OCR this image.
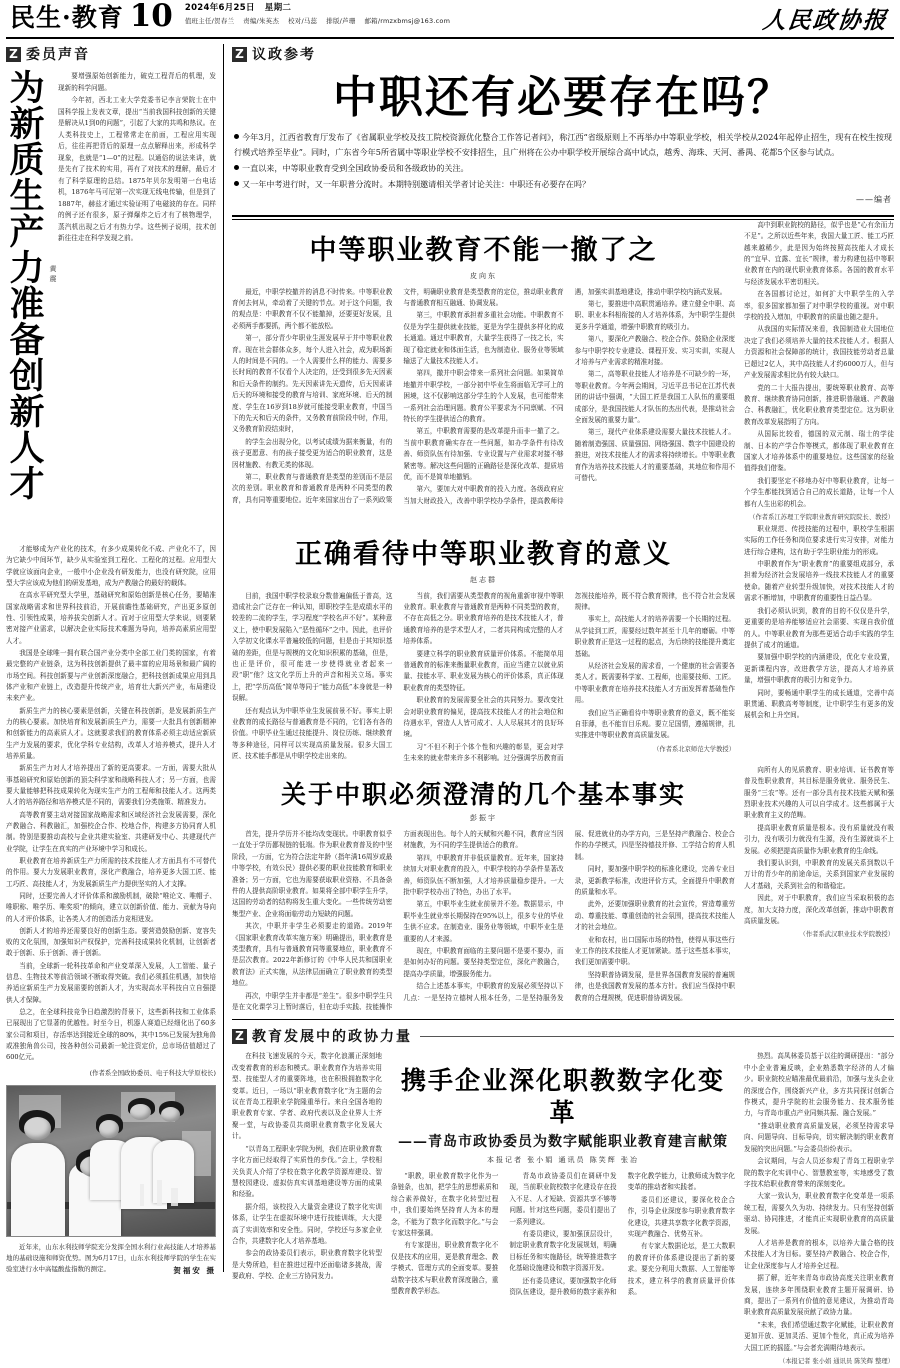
民生·教育 10 2024年6月25日 星期二
值班主任/贺春兰 责编/朱英杰 校对/马蕊 排版/芦珊 邮箱/rmzxbmsj@163.com	人民政协报
Z 委员声音
为新质生产力准备创新人才 黄震

要增强原始创新能力，破克工程背后的机理，发现新的科学问题。

今年初，西北工业大学党委书记李言荣院士在中国科学报上发表文章，提出“当前我国科技创新的关键是解决从1到0的问题”，引起了大家的共鸣和热议。在人类科技史上，工程常常走在前面，工程应用实现后，往往再把背后的原理一点点解释出来，形成科学现象，也就是“1—0”的过程。以通俗的说法来讲，就是先有了技术的实用，再有了对技术的理解，最后才有了科学原理的总结。1875年贝尔发明第一台电话机，1876年马可尼第一次实现无线电传输，但是到了1887年，赫兹才通过实验证明了电磁波的存在。同样的例子还有很多，原子弹爆炸之后才有了核物理学，蒸汽机出现之后才有热力学。这些例子说明，技术创新往往走在科学发现之前。

才能够成为产业化的技术，有多少成果转化不成、产业化不了，因为它缺少中间环节，缺少从实验室到工程化、工程化的过程。应用型大学就应该面向企业，一般中小企业没有研发能力，也没有研究院，应用型大学应该成为他们的研发基地，成为产教融合的最好的载体。

在高水平研究型大学里，基础研究和原始创新是核心任务，要瞄准国家战略需求和世界科技前沿，开展前瞻性基础研究，产出更多原创性、引领性成果，培养拔尖创新人才。而对于应用型大学来说，则要紧密对接产业需求，以解决企业实际技术难题为导向，培养高素质应用型人才。

我国是全球唯一拥有联合国产业分类中全部工业门类的国家，有着最完整的产业链条，这为科技创新提供了最丰富的应用场景和最广阔的市场空间。科技创新要与产业创新深度融合，把科技创新成果应用到具体产业和产业链上，改造提升传统产业，培育壮大新兴产业，布局建设未来产业。

新质生产力的核心要素是创新，关键在科技创新，是发展新质生产力的核心要素。加快培育和发展新质生产力，需要一大批具有创新精神和创新能力的高素质人才。这就要求我们的教育体系必须主动适应新质生产力发展的要求，优化学科专业结构，改革人才培养模式，提升人才培养质量。

新质生产力对人才培养提出了新的更高要求。一方面，需要大批从事基础研究和原始创新的顶尖科学家和战略科技人才；另一方面，也需要大量能够把科技成果转化为现实生产力的工程师和技能人才。这两类人才的培养路径和培养模式是不同的，需要我们分类施策、精准发力。

高等教育要主动对接国家战略需求和区域经济社会发展需要，深化产教融合、科教融汇，加强校企合作、校地合作，构建多方协同育人机制。特别是要推动高校与企业共建实验室、共建研发中心、共建现代产业学院，让学生在真实的产业环境中学习和成长。

职业教育在培养新质生产力所需的技术技能人才方面具有不可替代的作用。要大力发展职业教育，深化产教融合，培养更多大国工匠、能工巧匠、高技能人才，为发展新质生产力提供坚实的人才支撑。

同时，还要完善人才评价体系和激励机制，破除“唯论文、唯帽子、唯职称、唯学历、唯奖项”的倾向，建立以创新价值、能力、贡献为导向的人才评价体系，让各类人才的创造活力竞相迸发。

创新人才的培养还需要良好的创新生态。要营造鼓励创新、宽容失败的文化氛围，加强知识产权保护，完善科技成果转化机制，让创新者敢于创新、乐于创新、善于创新。

当前，全球新一轮科技革命和产业变革深入发展，人工智能、量子信息、生物技术等前沿领域不断取得突破。我们必须抓住机遇，加快培养适应新质生产力发展需要的创新人才，为实现高水平科技自立自强提供人才保障。

总之，在全球科技竞争日趋激烈的背景下，这些新科技和工业体系已展现出了它显著的优越性。时至今日，机器人赛道已经细化出了60多家公司和项目，存活率达到接近全球的80%，其中15%已发展为独角兽或准独角兽公司，按各种创公司最新一轮注资定价，总市场估值超过了600亿元。

(作者系全国政协委员、电子科技大学原校长)
近年来，山东水利技师学院充分发挥全国水利行业高技能人才培养基地的基础设施和师资优势。图为6月17日，山东水利技师学院的学生在实验室进行水中高锰酸盐指数的测定。	贺福安 摄
Z 议政参考
中职还有必要存在吗？

今年3月，江西省教育厅发布了《省属职业学校及技工院校资源优化整合工作答记者问》，称江西“省级原则上不再举办中等职业学校，相关学校从2024年起停止招生，现有在校生按现行模式培养至毕业”。同时，广东省今年5所省属中等职业学校不安排招生，且广州将在公办中职学校开展综合高中试点，越秀、海珠、天河、番禺、花都5个区参与试点。

一直以来，中等职业教育受到全国政协委员和各级政协的关注。

又一年中考进行时，又一年职普分流时。本期特别邀请相关学者讨论关注：中职还有必要存在吗？

——编者
中等职业教育不能一撤了之
皮向东

最近，中职学校撤并的消息不时传来。中等职业教育何去何从，牵动着了关键的节点。对于这个问题，我的观点是：中职教育不仅不能撤掉，还要更好发展，且必须两手都要抓，两个都不能放松。

第一，部分青少年职业生涯发展早于并中等职业教育。现在社会群体众多，每个人进入社会，成为职场新人的时间是不同的。一个人需要什么样的能力、需要多长时间的教育不仅看个人决定的，还受到很多先天因素和后天条件的制约。先天因素讲先天遗传，后天因素讲后天的环境和接受的教育与培训、家庭环境、后天的制度、学生在16岁到18岁就可能接受职业教育，中国当下的先天和后天的条件，又务教育前阶段中时，作用，义务教育阶段结束时，

的学生会出现分化，以考试成绩为据来衡量，有的孩子更愿意、有的孩子接受更为适合的职业教育，这是因材施教、有教无类的体现。

第二，职业教育与普通教育是类型的差别而不是层次的差别。职业教育和普通教育是两种不同类型的教育，具有同等重要地位。近年来国家出台了一系列政策文件，明确职业教育是类型教育的定位，推动职业教育与普通教育相互融通、协调发展。

第三，中职教育承担着多重社会功能。中职教育不仅是为学生提供就业技能，更是为学生提供多样化的成长通道。通过中职教育，大量学生获得了一技之长，实现了稳定就业和体面生活，也为制造业、服务业等领域输送了大量技术技能人才。

第四，撤并中职会带来一系列社会问题。如果简单地撤并中职学校，一部分初中毕业生将面临无学可上的困境，这不仅影响这部分学生的个人发展，也可能带来一系列社会治理问题。教育公平要求为不同禀赋、不同特长的学生提供适合的教育。

第五，中职教育需要的是改革提升而非一撤了之。当前中职教育确实存在一些问题，如办学条件有待改善、师资队伍有待加强、专业设置与产业需求对接不够紧密等。解决这些问题的正确路径是深化改革、提质培优，而不是简单地撤销。

第六，要加大对中职教育的投入力度。各级政府应当加大财政投入，改善中职学校办学条件，提高教师待遇，加强实训基地建设，推动中职学校内涵式发展。

第七，要推进中高职贯通培养。建立健全中职、高职、职业本科相衔接的人才培养体系，为中职学生提供更多升学通道，增强中职教育的吸引力。

第八，要深化产教融合、校企合作。鼓励企业深度参与中职学校专业建设、课程开发、实习实训，实现人才培养与产业需求的精准对接。

第二，高等职业技能人才培养是不可缺少的一环，等职业教育。今年两会期间，习近平总书记在江苏代表团的讲话中强调，“大国工匠是我国工人队伍的重要组成部分，是我国技能人才队伍的杰出代表，是推动社会全面发展的重要力量”。

第三，现代产业体系建设需要大量技术技能人才。随着制造强国、质量强国、网络强国、数字中国建设的推进，对技术技能人才的需求将持续增长。中等职业教育作为培养技术技能人才的重要基础，其地位和作用不可替代。

高中到职业院校的路径，似乎也是“心有余而力不足”。之所以近些年来，我国大量工匠、能工巧匠越来越稀少，此是因为始终按照高技能人才成长的“宜早、宜露、宜长”规律，着力构建包括中等职业教育在内的现代职业教育体系。各国的教育水平与经济发展水平密切相关。

在各国都讨论过，如何扩大中职学生的入学率，很多国家都加强了对中职学校的重视。对中职学校的投入增加，中职教育的质量也随之提升。

从我国的实际情况来看，我国制造业大国地位决定了我们必须培养大量的技术技能人才。根据人力资源和社会保障部的统计，我国技能劳动者总量已超过2亿人，其中高技能人才约6000万人，但与产业发展需求相比仍有较大缺口。

党的二十大报告提出，要统筹职业教育、高等教育、继续教育协同创新，推进职普融通、产教融合、科教融汇，优化职业教育类型定位。这为职业教育改革发展指明了方向。

从国际比较看，德国的双元制、瑞士的学徒制、日本的产学合作等模式，都体现了职业教育在国家人才培养体系中的重要地位。这些国家的经验值得我们借鉴。

我们要坚定不移地办好中等职业教育，让每一个学生都能找到适合自己的成长道路，让每一个人都有人生出彩的机会。

（作者系江苏理工学院职业教育研究院院长、教授）
正确看待中等职业教育的意义
赵志群

目前，我国中职学校录取分数普遍偏低于普高，这造成社会广泛存在一种认知，即职校学生是成绩水平的较差的二流的学生，学习程度“学校名声不好”。某种意义上，使中职发展陷入“恶性循环”之中。因此，也评价入学初文化课水平普遍较低的问题，但是由于其知识基础的差距，但是与规模的文化知识积累的基础，但是，也正是评价，很可能进一步使得就业者起来一段“职”他？这文化学历上升的声音和相关立场。事实上，把“学历高低”简单等同于“能力高低”本身就是一种误解。

还有观点认为中职毕业生发展前景不好。事实上职业教育的成长路径与普通教育是不同的，它们各有各的价值。中职毕业生通过技能提升、岗位历练、继续教育等多种途径，同样可以实现高质量发展。很多大国工匠、技术能手都是从中职学校走出来的。

当前，我们需要从类型教育的视角重新审视中等职业教育。职业教育与普通教育是两种不同类型的教育，不存在高低之分。职业教育培养的是技术技能人才，普通教育培养的是学术型人才，二者共同构成完整的人才培养体系。

要建立科学的职业教育质量评价体系。不能简单用普通教育的标准来衡量职业教育，而应当建立以就业质量、技能水平、职业发展为核心的评价体系，真正体现职业教育的类型特征。

职业教育的发展需要全社会的共同努力。要改变社会对职业教育的偏见，提高技术技能人才的社会地位和待遇水平，营造人人皆可成才、人人尽展其才的良好环境。

习“不但不利于个体个性和兴趣的彰显，更会对学生未来的就业带来许多不利影响。过分强调学历教育而忽视技能培养，既不符合教育规律，也不符合社会发展规律。

事实上，高技能人才的培养需要一个长期的过程。从学徒到工匠，需要经过数年甚至十几年的磨砺。中等职业教育正是这一过程的起点，为后续的技能提升奠定基础。

从经济社会发展的需求看，一个健康的社会需要各类人才。既需要科学家、工程师，也需要技师、工匠。中等职业教育在培养技术技能人才方面发挥着基础性作用。

我们应当正确看待中等职业教育的意义，既不能妄自菲薄，也不能盲目乐观。要立足国情，遵循规律，扎实推进中等职业教育高质量发展。

（作者系北京师范大学教授）

职业规范、传授技能的过程中，职校学生根据实际的工作任务和岗位要求进行实习安排，对能力进行综合建构，这有助于学生职业能力的形成。

中职教育作为“职业教育”的重要组成部分，承担着为经济社会发展培养一线技术技能人才的重要使命。随着产业转型升级加快，对技术技能人才的需求不断增加，中职教育的重要性日益凸显。

我们必须认识到，教育的目的不仅仅是升学，更重要的是培养能够适应社会需要、实现自我价值的人。中等职业教育为那些更适合动手实践的学生提供了成才的通道。

要加强中职学校的内涵建设，优化专业设置，更新课程内容，改进教学方法，提高人才培养质量，增强中职教育的吸引力和竞争力。

同时，要畅通中职学生的成长通道，完善中高职贯通、职教高考等制度，让中职学生有更多的发展机会和上升空间。

关于中职必须澄清的几个基本事实
彭振宇

首先，提升学历并不能均改变现状。中职教育似乎一直处于学历鄙视链的低端。作为职业教育普及的中坚阶段，一方面，它为符合法定年龄（指年满16周岁或最中等学校，有效公民）提供必要的职业技能教育和职业准备；另一方面，它也为需要获取职业资格、不具备条件的人提供高阶职业教育。如果将全部中职学生升学，这国的劳动者的结构将发生重大变化。一些传统劳动密集型产业、企业将面临劳动力短缺的问题。

其次，中职并非学生必须要走的道路。2019年《国家职业教育改革实施方案》明确提出，职业教育是类型教育，具有与普通教育同等重要地位，职业教育不是层次教育。2022年新修订的《中华人民共和国职业教育法》正式实施，从法律层面确立了职业教育的类型地位。

再次，中职学生并非都是“差生”。很多中职学生只是在文化课学习上暂时落后，但在动手实践、技能操作方面表现出色。每个人的天赋和兴趣不同，教育应当因材施教，为不同的学生提供适合的教育。

第四，中职教育并非低质量教育。近年来，国家持续加大对职业教育的投入，中职学校的办学条件显著改善，师资队伍不断加强，人才培养质量稳步提升。一大批中职学校办出了特色，办出了水平。

第五，中职毕业生就业前景并不差。数据显示，中职毕业生就业率长期保持在95%以上，很多专业的毕业生供不应求。在制造业、服务业等领域，中职毕业生是重要的人才来源。

现在，中职教育面临的主要问题不是要不要办，而是如何办好的问题。要坚持类型定位，深化产教融合，提高办学质量，增强服务能力。

结合上述基本事实，中职教育的发展必须坚持以下几点：一是坚持立德树人根本任务，二是坚持服务发展、促进就业的办学方向，三是坚持产教融合、校企合作的办学模式，四是坚持德技并修、工学结合的育人机制。

同时，要加强中职学校的标准化建设，完善专业目录，更新教学标准，改进评价方式，全面提升中职教育的质量和水平。

此外，还要加强职业教育的社会宣传，营造尊重劳动、尊重技能、尊重创造的社会氛围，提高技术技能人才的社会地位。

业和农村，出口国际市场的特性，使得从事这些行业工作的技术技能人才更加紧缺。基于这些基本事实，我们更加需要中职。

坚持职普协调发展，是世界各国教育发展的普遍规律，也是我国教育发展的基本方针。我们应当保持中职教育的合理规模，促进职普协调发展。

向所有人的见质教育、职业培训、证书教育等普及性职业教育，其目标是服务就业、服务民生、服务“三农”等。还有一部分具有技术技能天赋和强烈职业技术兴趣的人可以自学成才。这些都属于大职业教育主义的范畴。

提高职业教育质量是根本。没有质量就没有吸引力，没有吸引力就没有生源，没有生源就谈不上发展。必须把提高质量作为职业教育的生命线。

我们要认识到，中职教育的发展关系到数以千万计的青少年的前途命运，关系到国家产业发展的人才基础，关系到社会的和谐稳定。

因此，对于中职教育，我们应当采取积极的态度，加大支持力度，深化改革创新，推动中职教育高质量发展。

（作者系武汉职业技术学院教授）
Z 教育发展中的政协力量

在科技飞速发展的今天，数字化浪潮正深刻地改变着教育的形态和模式。职业教育作为培养实用型、技能型人才的重要阵地，也在积极拥抱数字化变革。近日，一场以“职业教育数字化”为主题的会议在青岛工程职业学院隆重举行。来自全国各地的职业教育专家、学者、政府代表以及企业界人士齐聚一堂，与政协委员共商职业教育数字化发展大计。

“以青岛工程职业学院为例，我们在职业教育数字化方面已经取得了实质性的步伐。”会上，学校相关负责人介绍了学校在数字化教学资源库建设、智慧校园建设、虚拟仿真实训基地建设等方面的成果和经验。

据介绍，该校投入大量资金建设了数字化实训体系，让学生在虚拟环境中进行技能训练，大大提高了实训效率和安全性。同时，学校还与多家企业合作，共建数字化人才培养基地。

参会的政协委员们表示，职业教育数字化转型是大势所趋，但在推进过程中还面临诸多挑战，需要政府、学校、企业三方协同发力。

携手企业深化职教数字化变革
——青岛市政协委员为数字赋能职业教育建言献策
本报记者 张小娟 通讯员 陈笑辉 张冶

“职教，职业教育数字化作为一条链条，也加，把学生的思想素质和综合素养做好，在数字化转型过程中，我们要始终坚持育人为本的理念，不能为了数字化而数字化。”与会专家这样强调。

有专家提出，职业教育数字化不仅是技术的应用，更是教育理念、教学模式、管理方式的全面变革。要推动数字技术与职业教育深度融合，重塑教育教学形态。

青岛市政协委员们在调研中发现，当前职业院校数字化建设存在投入不足、人才短缺、资源共享不够等问题。针对这些问题，委员们提出了一系列建议。

有委员建议，要加强顶层设计，制定职业教育数字化发展规划，明确目标任务和实施路径，统筹推进数字化基础设施建设和数字资源开发。

还有委员建议，要加强数字化师资队伍建设，提升教师的数字素养和数字化教学能力，让教师成为数字化变革的推动者和实践者。

委员们还建议，要深化校企合作，引导企业深度参与职业教育数字化建设，共建共享数字化教学资源，实现产教融合、优势互补。

有专家大数据论坛，是工大数职的教育评价体系建设提出了新的要求。要充分利用大数据、人工智能等技术，建立科学的教育质量评价体系。

热烈。高凤林委员基于以往的调研提出：“部分中小企业普遍反映，企业熟悉数字经济的人才偏少。职业院校应瞄准最优最前沿，加强与龙头企业的深度合作，围绕新兴产业，多方共同探讨创新合作模式，提升学院的社会服务能力、技术服务能力，与青岛市重点产业同频共振、融合发展。”

“推动职业教育高质量发展，必须坚持需求导向、问题导向、目标导向，切实解决制约职业教育发展的突出问题。”与会委员纷纷表示。

会议期间，与会人员还参观了青岛工程职业学院的数字化实训中心、智慧教室等，实地感受了数字技术给职业教育带来的深刻变化。

大家一致认为，职业教育数字化变革是一项系统工程，需要久久为功、持续发力。只有坚持创新驱动、协同推进，才能真正实现职业教育的高质量发展。

人才培养是教育的根本，以培养大量合格的技术技能人才为目标。要坚持产教融合、校企合作，让企业深度参与人才培养全过程。

据了解，近年来青岛市政协高度关注职业教育发展，连续多年围绕职业教育主题开展调研、协商，提出了一系列有价值的意见建议，为推动青岛职业教育高质量发展贡献了政协力量。

“未来，我们希望通过数字化赋能，让职业教育更加开放、更加灵活、更加个性化，真正成为培养大国工匠的摇篮。”与会者充满期待地表示。

（本报记者 张小娟 通讯员 陈笑辉 整理）
